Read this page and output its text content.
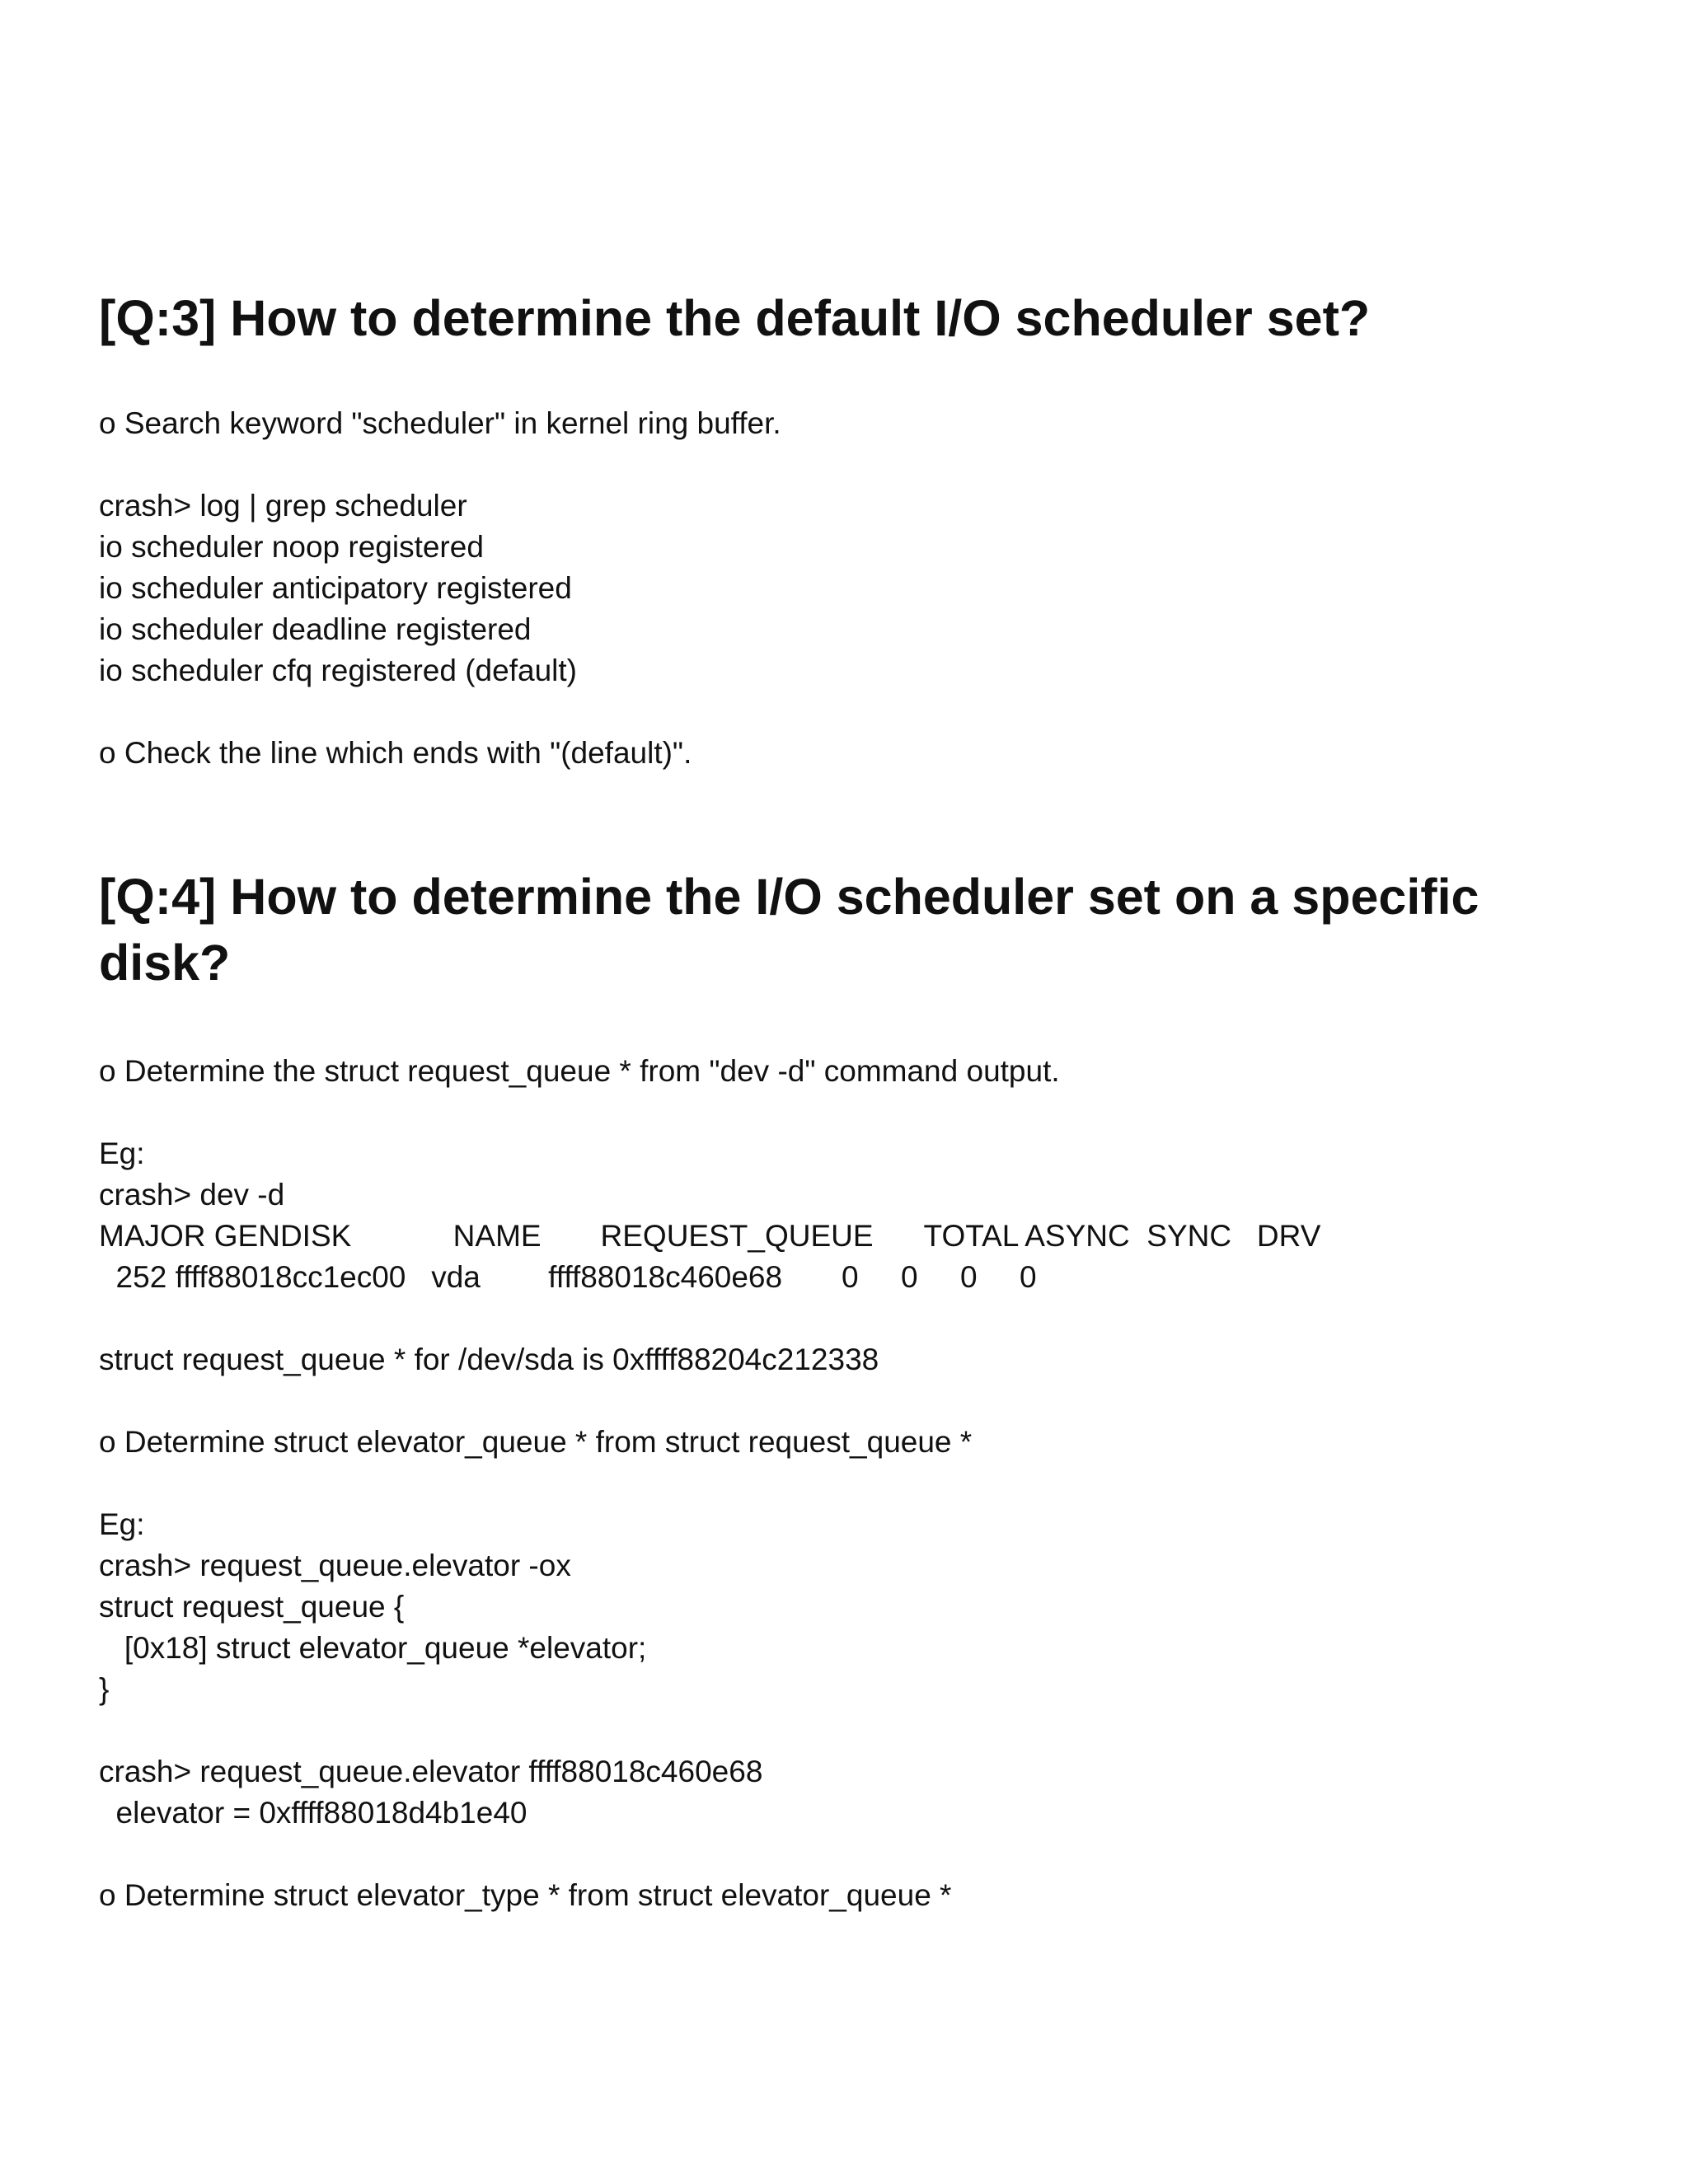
[Q:3] How to determine the default I/O scheduler set?
o Search keyword "scheduler" in kernel ring buffer.
crash> log | grep scheduler
io scheduler noop registered
io scheduler anticipatory registered
io scheduler deadline registered
io scheduler cfq registered (default)
o Check the line which ends with "(default)".
[Q:4] How to determine the I/O scheduler set on a specific
disk?
o Determine the struct request_queue * from "dev -d" command output.
Eg:
crash> dev -d
MAJOR GENDISK            NAME       REQUEST_QUEUE      TOTAL ASYNC  SYNC   DRV
252 ffff88018cc1ec00   vda        ffff88018c460e68       0     0     0     0
struct request_queue * for /dev/sda is 0xffff88204c212338
o Determine struct elevator_queue * from struct request_queue *
Eg:
crash> request_queue.elevator -ox
struct request_queue {
[0x18] struct elevator_queue *elevator;
}
crash> request_queue.elevator ffff88018c460e68
elevator = 0xffff88018d4b1e40
o Determine struct elevator_type * from struct elevator_queue *
